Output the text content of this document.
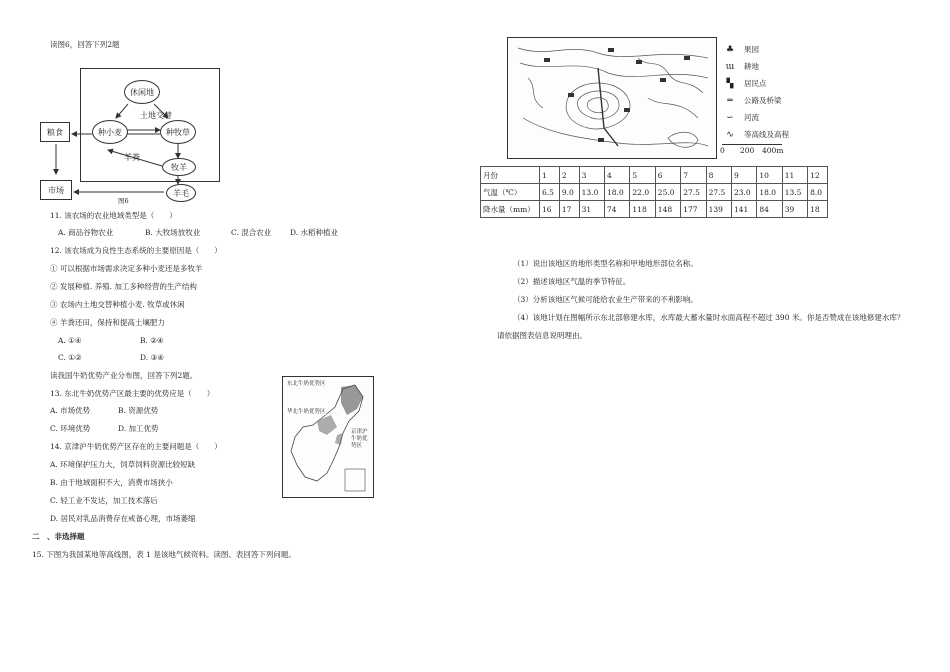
读图6，回答下列2题
休闲地
土地交替
种小麦	种牧草
粮食
羊粪
牧羊
市场	羊毛
图6
11. 该农场的农业地域类型是（　　）
A. 商品谷物农业	B. 大牧场放牧业	C. 混合农业	D. 水稻种植业
12. 该农场成为良性生态系统的主要原因是（　　）
① 可以根据市场需求决定多种小麦还是多牧羊
② 发展种植. 养殖. 加工多种经营的生产结构
③ 农场内土地交替种植小麦. 牧草或休闲
④ 羊粪还田，保持和提高土壤肥力
A. ①④	B. ②④
C. ①②	D. ③④
读我国牛奶优势产业分布图，回答下列2题。
13. 东北牛奶优势产区最主要的优势应是（　　）
A. 市场优势	B. 资源优势
C. 环境优势	D. 加工优势
14. 京津沪牛奶优势产区存在的主要问题是（　　）
A. 环境保护压力大，饲草饲料资源比较短缺
B. 由于地域面积不大，消费市场狭小
C. 轻工业不发达，加工技术落后
D. 居民对乳品消费存在戒备心理，市场萎缩
东北牛奶优势区
华北牛奶优势区
京津沪
牛奶优
势区
二　、非选择题
15. 下图为我国某地等高线图，表 1 是该地气候资料。读图、表回答下列问题。
♣	果园
ɯ	耕地
▚	居民点
═	公路及桥梁
∽	河流
∿	等高线及高程
0 200 400m
月份	1	2	3	4	5	6	7	8	9	10	11	12
气温（℃）	6.5	9.0	13.0	18.0	22.0	25.0	27.5	27.5	23.0	18.0	13.5	8.0
降水量（mm）	16	17	31	74	118	148	177	139	141	84	39	18
（1）说出该地区的地形类型名称和甲地地形部位名称。
（2）描述该地区气温的季节特征。
（3）分析该地区气候可能给农业生产带来的不利影响。
（4）该地计划在图幅所示东北部修建水库，水库最大蓄水量时水面高程不超过 390 米。你是否赞成在该地修建水库？
请依据图表信息说明理由。
